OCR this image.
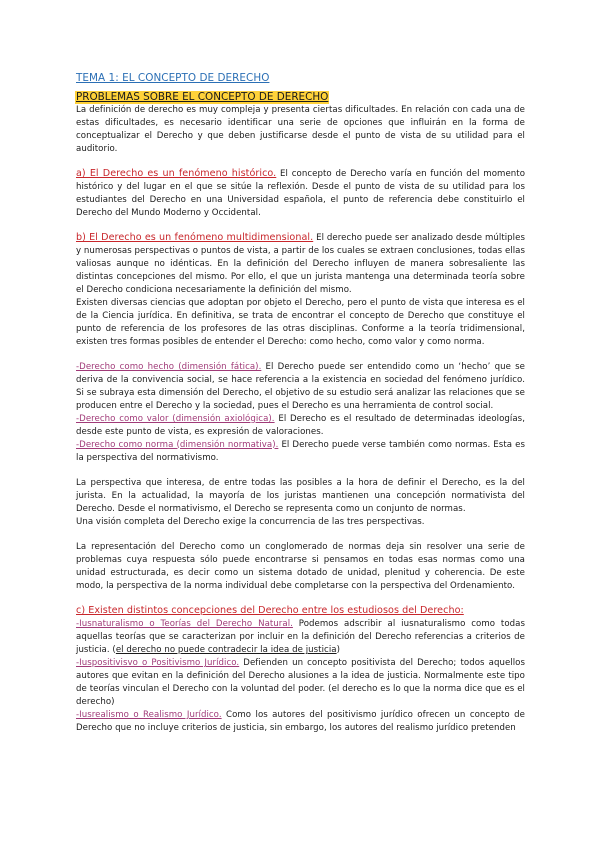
TEMA 1: EL CONCEPTO DE DERECHO
PROBLEMAS SOBRE EL CONCEPTO DE DERECHO

La definición de derecho es muy compleja y presenta ciertas dificultades. En relación con cada una de estas dificultades, es necesario identificar una serie de opciones que influirán en la forma de conceptualizar el Derecho y que deben justificarse desde el punto de vista de su utilidad para el auditorio.

a) El Derecho es un fenómeno histórico. El concepto de Derecho varía en función del momento histórico y del lugar en el que se sitúe la reflexión. Desde el punto de vista de su utilidad para los estudiantes del Derecho en una Universidad española, el punto de referencia debe constituirlo el Derecho del Mundo Moderno y Occidental.

b) El Derecho es un fenómeno multidimensional. El derecho puede ser analizado desde múltiples y numerosas perspectivas o puntos de vista, a partir de los cuales se extraen conclusiones, todas ellas valiosas aunque no idénticas. En la definición del Derecho influyen de manera sobresaliente las distintas concepciones del mismo. Por ello, el que un jurista mantenga una determinada teoría sobre el Derecho condiciona necesariamente la definición del mismo.

Existen diversas ciencias que adoptan por objeto el Derecho, pero el punto de vista que interesa es el de la Ciencia jurídica. En definitiva, se trata de encontrar el concepto de Derecho que constituye el punto de referencia de los profesores de las otras disciplinas. Conforme a la teoría tridimensional, existen tres formas posibles de entender el Derecho: como hecho, como valor y como norma.

-Derecho como hecho (dimensión fática). El Derecho puede ser entendido como un ‘hecho’ que se deriva de la convivencia social, se hace referencia a la existencia en sociedad del fenómeno jurídico. Si se subraya esta dimensión del Derecho, el objetivo de su estudio será analizar las relaciones que se producen entre el Derecho y la sociedad, pues el Derecho es una herramienta de control social.

-Derecho como valor (dimensión axiológica). El Derecho es el resultado de determinadas ideologías, desde este punto de vista, es expresión de valoraciones.

-Derecho como norma (dimensión normativa). El Derecho puede verse también como normas. Esta es la perspectiva del normativismo.

La perspectiva que interesa, de entre todas las posibles a la hora de definir el Derecho, es la del jurista. En la actualidad, la mayoría de los juristas mantienen una concepción normativista del Derecho. Desde el normativismo, el Derecho se representa como un conjunto de normas.

Una visión completa del Derecho exige la concurrencia de las tres perspectivas.

La representación del Derecho como un conglomerado de normas deja sin resolver una serie de problemas cuya respuesta sólo puede encontrarse si pensamos en todas esas normas como una unidad estructurada, es decir como un sistema dotado de unidad, plenitud y coherencia. De este modo, la perspectiva de la norma individual debe completarse con la perspectiva del Ordenamiento.

c) Existen distintos concepciones del Derecho entre los estudiosos del Derecho:

-Iusnaturalismo o Teorías del Derecho Natural. Podemos adscribir al iusnaturalismo como todas aquellas teorías que se caracterizan por incluir en la definición del Derecho referencias a criterios de justicia. (el derecho no puede contradecir la idea de justicia)

-Iuspositivisvo o Positivismo Jurídico. Defienden un concepto positivista del Derecho; todos aquellos autores que evitan en la definición del Derecho alusiones a la idea de justicia. Normalmente este tipo de teorías vinculan el Derecho con la voluntad del poder. (el derecho es lo que la norma dice que es el derecho)

-Iusrealismo o Realismo Jurídico. Como los autores del positivismo jurídico ofrecen un concepto de Derecho que no incluye criterios de justicia, sin embargo, los autores del realismo jurídico pretenden
